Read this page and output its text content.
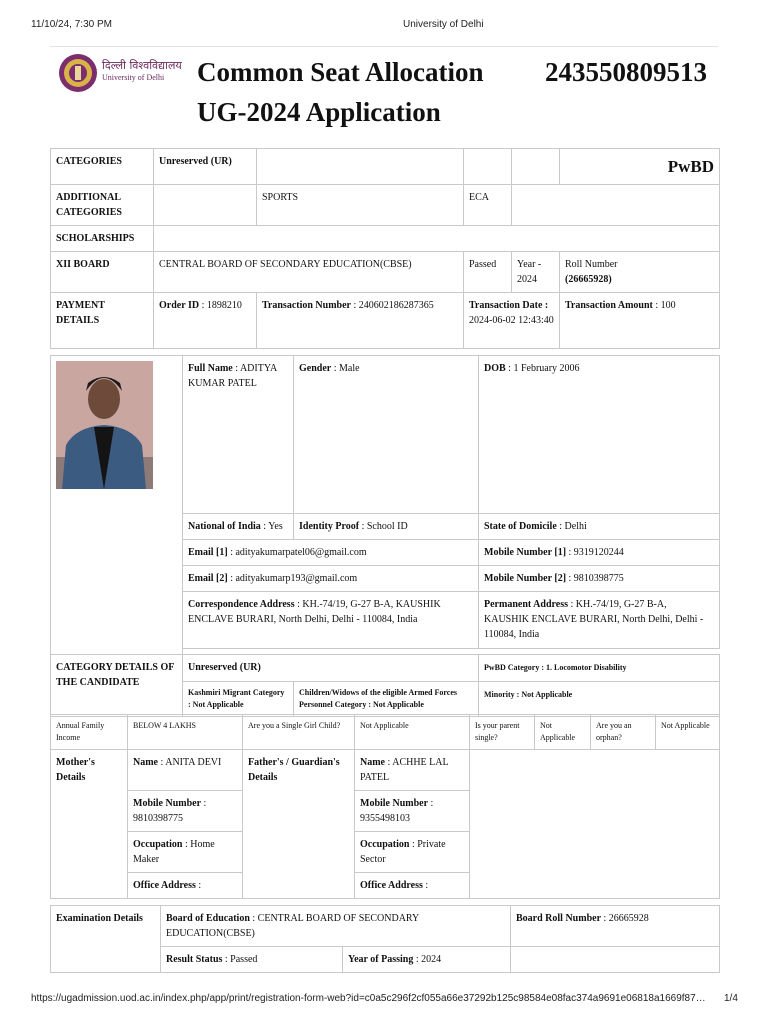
11/10/24, 7:30 PM	University of Delhi
दिल्ली विश्वविद्यालय
University of Delhi Common Seat Allocation
UG-2024 Application
243550809513
CATEGORIES	Unreserved (UR)				PwBD
ADDITIONAL CATEGORIES		SPORTS	ECA		
SCHOLARSHIPS					
XII BOARD	CENTRAL BOARD OF SECONDARY EDUCATION(CBSE)		Passed	Year - 2024	Roll Number
(26665928)
PAYMENT DETAILS	Order ID : 1898210	Transaction Number : 240602186287365	Transaction Date :
2024-06-02 12:43:40		Transaction Amount : 100
	Full Name : ADITYA KUMAR PATEL	Gender : Male	DOB : 1 February 2006
	National of India : Yes	Identity Proof : School ID	State of Domicile : Delhi
	Email [1] : adityakumarpatel06@gmail.com		Mobile Number [1] : 9319120244
	Email [2] : adityakumarp193@gmail.com		Mobile Number [2] : 9810398775
	Correspondence Address : KH.-74/19, G-27 B-A, KAUSHIK ENCLAVE BURARI, North Delhi, Delhi - 110084, India		Permanent Address : KH.-74/19, G-27 B-A, KAUSHIK ENCLAVE BURARI, North Delhi, Delhi - 110084, India

CATEGORY DETAILS OF THE CANDIDATE	Unreserved (UR)		PwBD Category : 1. Locomotor Disability
	Kashmiri Migrant Category
: Not Applicable	Children/Widows of the eligible Armed Forces Personnel Category : Not Applicable	Minority : Not Applicable
Annual Family Income	BELOW 4 LAKHS	Are you a Single Girl Child?	Not Applicable	Is your parent single?	Not Applicable	Are you an orphan?	Not Applicable
Mother's Details	Name : ANITA DEVI	Father's / Guardian's Details	Name : ACHHE LAL PATEL	
	Mobile Number :
9810398775		Mobile Number :
9355498103	
	Occupation : Home Maker		Occupation : Private Sector	
	Office Address :		Office Address :	
Examination Details	Board of Education : CENTRAL BOARD OF SECONDARY EDUCATION(CBSE)		Board Roll Number : 26665928
	Result Status : Passed	Year of Passing : 2024	
https://ugadmission.uod.ac.in/index.php/app/print/registration-form-web?id=c0a5c296f2cf055a66e37292b125c98584e08fac374a9691e06818a1669f87…	1/4
